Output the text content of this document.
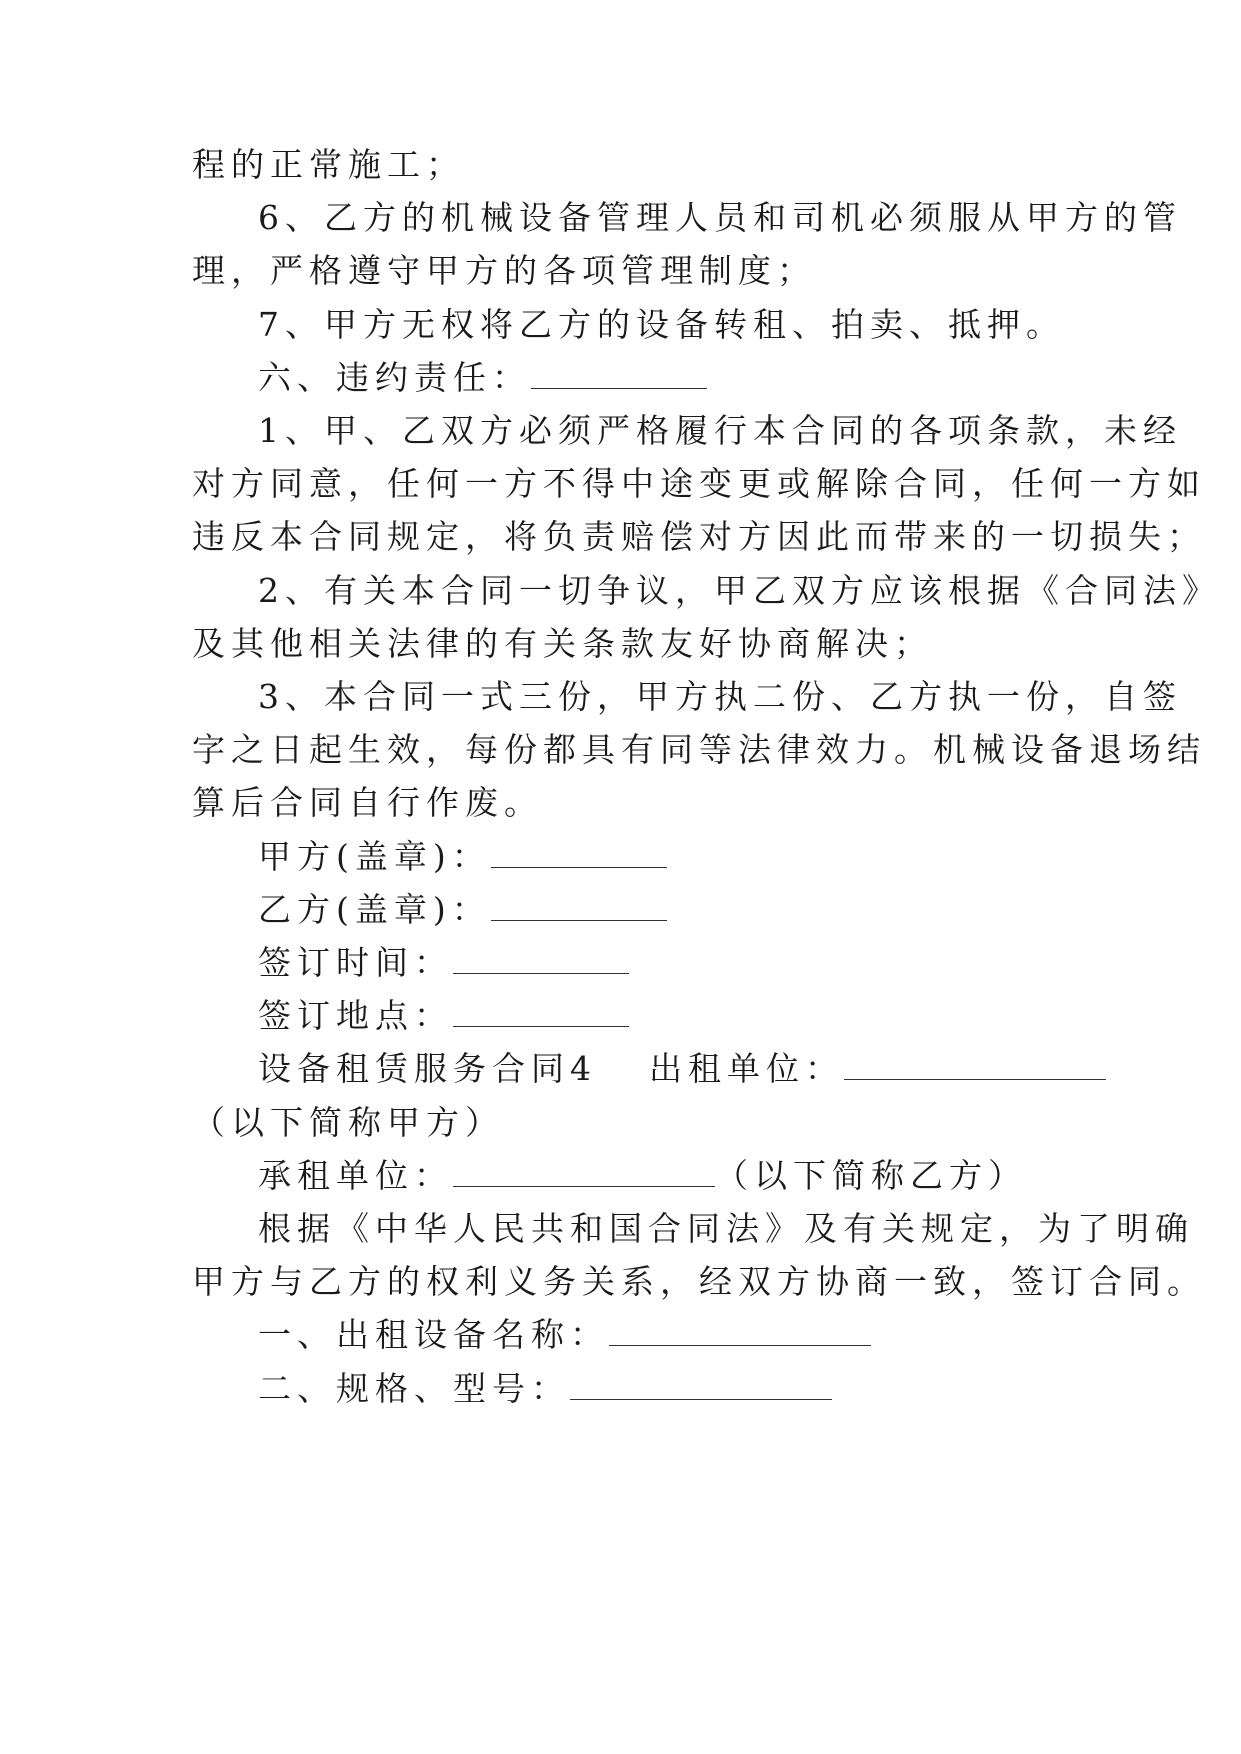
程的正常施工；
6、乙方的机械设备管理人员和司机必须服从甲方的管
理，严格遵守甲方的各项管理制度；
7、甲方无权将乙方的设备转租、拍卖、抵押。
六、违约责任：
1、甲、乙双方必须严格履行本合同的各项条款，未经
对方同意，任何一方不得中途变更或解除合同，任何一方如
违反本合同规定，将负责赔偿对方因此而带来的一切损失；
2、有关本合同一切争议，甲乙双方应该根据《合同法》
及其他相关法律的有关条款友好协商解决；
3、本合同一式三份，甲方执二份、乙方执一份，自签
字之日起生效，每份都具有同等法律效力。机械设备退场结
算后合同自行作废。
甲方(盖章)：
乙方(盖章)：
签订时间：
签订地点：
设备租赁服务合同4 出租单位：
（以下简称甲方）
承租单位：	（以下简称乙方）
根据《中华人民共和国合同法》及有关规定，为了明确
甲方与乙方的权利义务关系，经双方协商一致，签订合同。
一、出租设备名称：
二、规格、型号：
